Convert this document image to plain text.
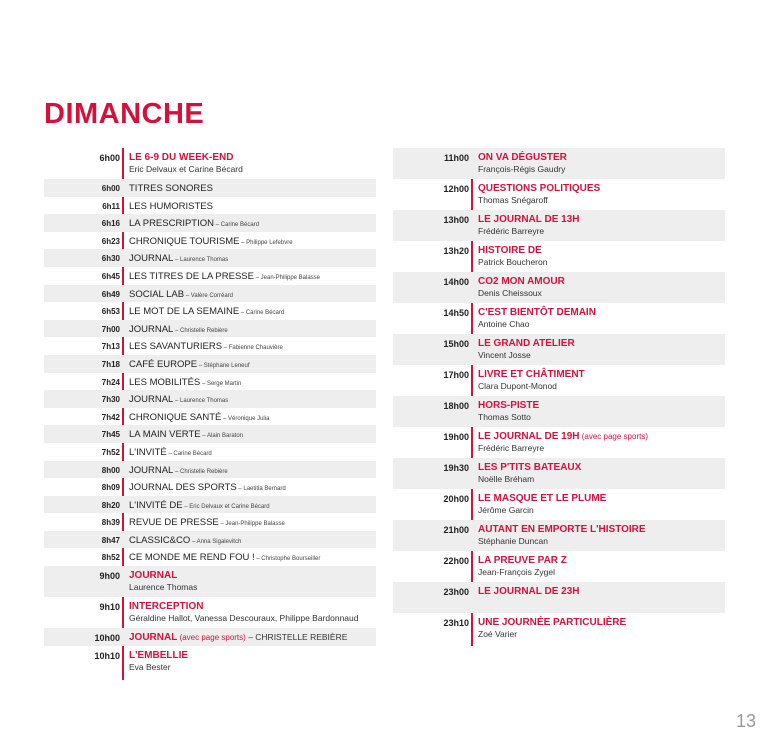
DIMANCHE
6h00 LE 6-9 DU WEEK-END
Eric Delvaux et Carine Bécard
6h00 TITRES SONORES
6h11 LES HUMORISTES
6h16 LA PRESCRIPTION – Carine Bécard
6h23 CHRONIQUE TOURISME – Philippe Lefebvre
6h30 JOURNAL – Laurence Thomas
6h45 LES TITRES DE LA PRESSE – Jean-Philippe Balasse
6h49 SOCIAL LAB – Valère Corréard
6h53 LE MOT DE LA SEMAINE – Carine Bécard
7h00 JOURNAL – Christelle Rebière
7h13 LES SAVANTURIERS – Fabienne Chauvière
7h18 CAFÉ EUROPE – Stéphane Leneuf
7h24 LES MOBILITÉS – Serge Martin
7h30 JOURNAL – Laurence Thomas
7h42 CHRONIQUE SANTÉ – Véronique Julia
7h45 LA MAIN VERTE – Alain Baraton
7h52 L'INVITÉ – Carine Bécard
8h00 JOURNAL – Christelle Rebière
8h09 JOURNAL DES SPORTS – Laetitia Bernard
8h20 L'INVITÉ DE – Eric Delvaux et Carine Bécard
8h39 REVUE DE PRESSE – Jean-Philippe Balasse
8h47 CLASSIC&CO – Anna Sigalevitch
8h52 CE MONDE ME REND FOU ! – Christophe Bourseiller
9h00 JOURNAL
Laurence Thomas
9h10 INTERCEPTION
Géraldine Hallot, Vanessa Descouraux, Philippe Bardonnaud
10h00 JOURNAL (avec page sports) – CHRISTELLE REBIÈRE
10h10 L'EMBELLIE
Eva Bester
11h00 ON VA DÉGUSTER
François-Régis Gaudry
12h00 QUESTIONS POLITIQUES
Thomas Snégaroff
13h00 LE JOURNAL DE 13H
Frédéric Barreyre
13h20 HISTOIRE DE
Patrick Boucheron
14h00 CO2 MON AMOUR
Denis Cheissoux
14h50 C'EST BIENTÔT DEMAIN
Antoine Chao
15h00 LE GRAND ATELIER
Vincent Josse
17h00 LIVRE ET CHÂTIMENT
Clara Dupont-Monod
18h00 HORS-PISTE
Thomas Sotto
19h00 LE JOURNAL DE 19H (avec page sports)
Frédéric Barreyre
19h30 LES P'TITS BATEAUX
Noëlle Bréham
20h00 LE MASQUE ET LE PLUME
Jérôme Garcin
21h00 AUTANT EN EMPORTE L'HISTOIRE
Stéphanie Duncan
22h00 LA PREUVE PAR Z
Jean-François Zygel
23h00 LE JOURNAL DE 23H
23h10 UNE JOURNÉE PARTICULIÈRE
Zoé Varier
13
